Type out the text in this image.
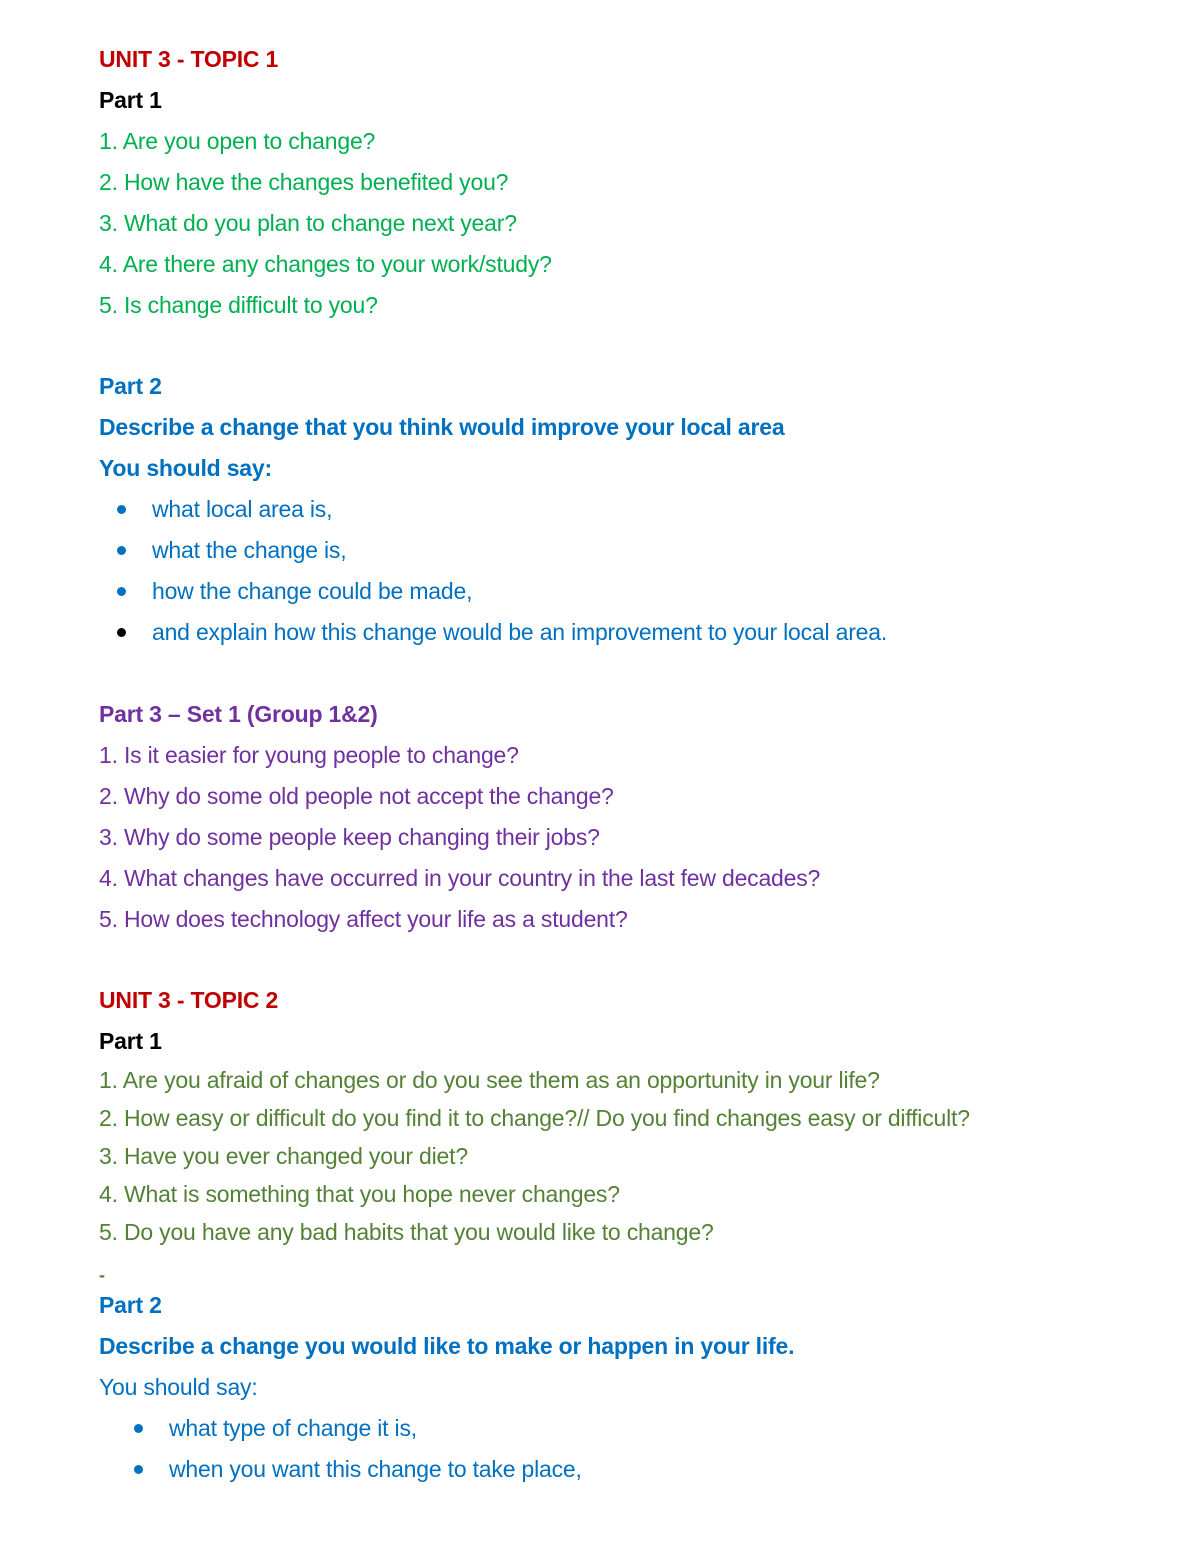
UNIT 3 - TOPIC 1
Part 1
1. Are you open to change?
2. How have the changes benefited you?
3. What do you plan to change next year?
4. Are there any changes to your work/study?
5. Is change difficult to you?
Part 2
Describe a change that you think would improve your local area
You should say:
what local area is,
what the change is,
how the change could be made,
and explain how this change would be an improvement to your local area.
Part 3 – Set 1 (Group 1&2)
1. Is it easier for young people to change?
2. Why do some old people not accept the change?
3. Why do some people keep changing their jobs?
4. What changes have occurred in your country in the last few decades?
5. How does technology affect your life as a student?
UNIT 3 - TOPIC 2
Part 1
1. Are you afraid of changes or do you see them as an opportunity in your life?
2. How easy or difficult do you find it to change?// Do you find changes easy or difficult?
3. Have you ever changed your diet?
4. What is something that you hope never changes?
5. Do you have any bad habits that you would like to change?
-
Part 2
Describe a change you would like to make or happen in your life.
You should say:
what type of change it is,
when you want this change to take place,
